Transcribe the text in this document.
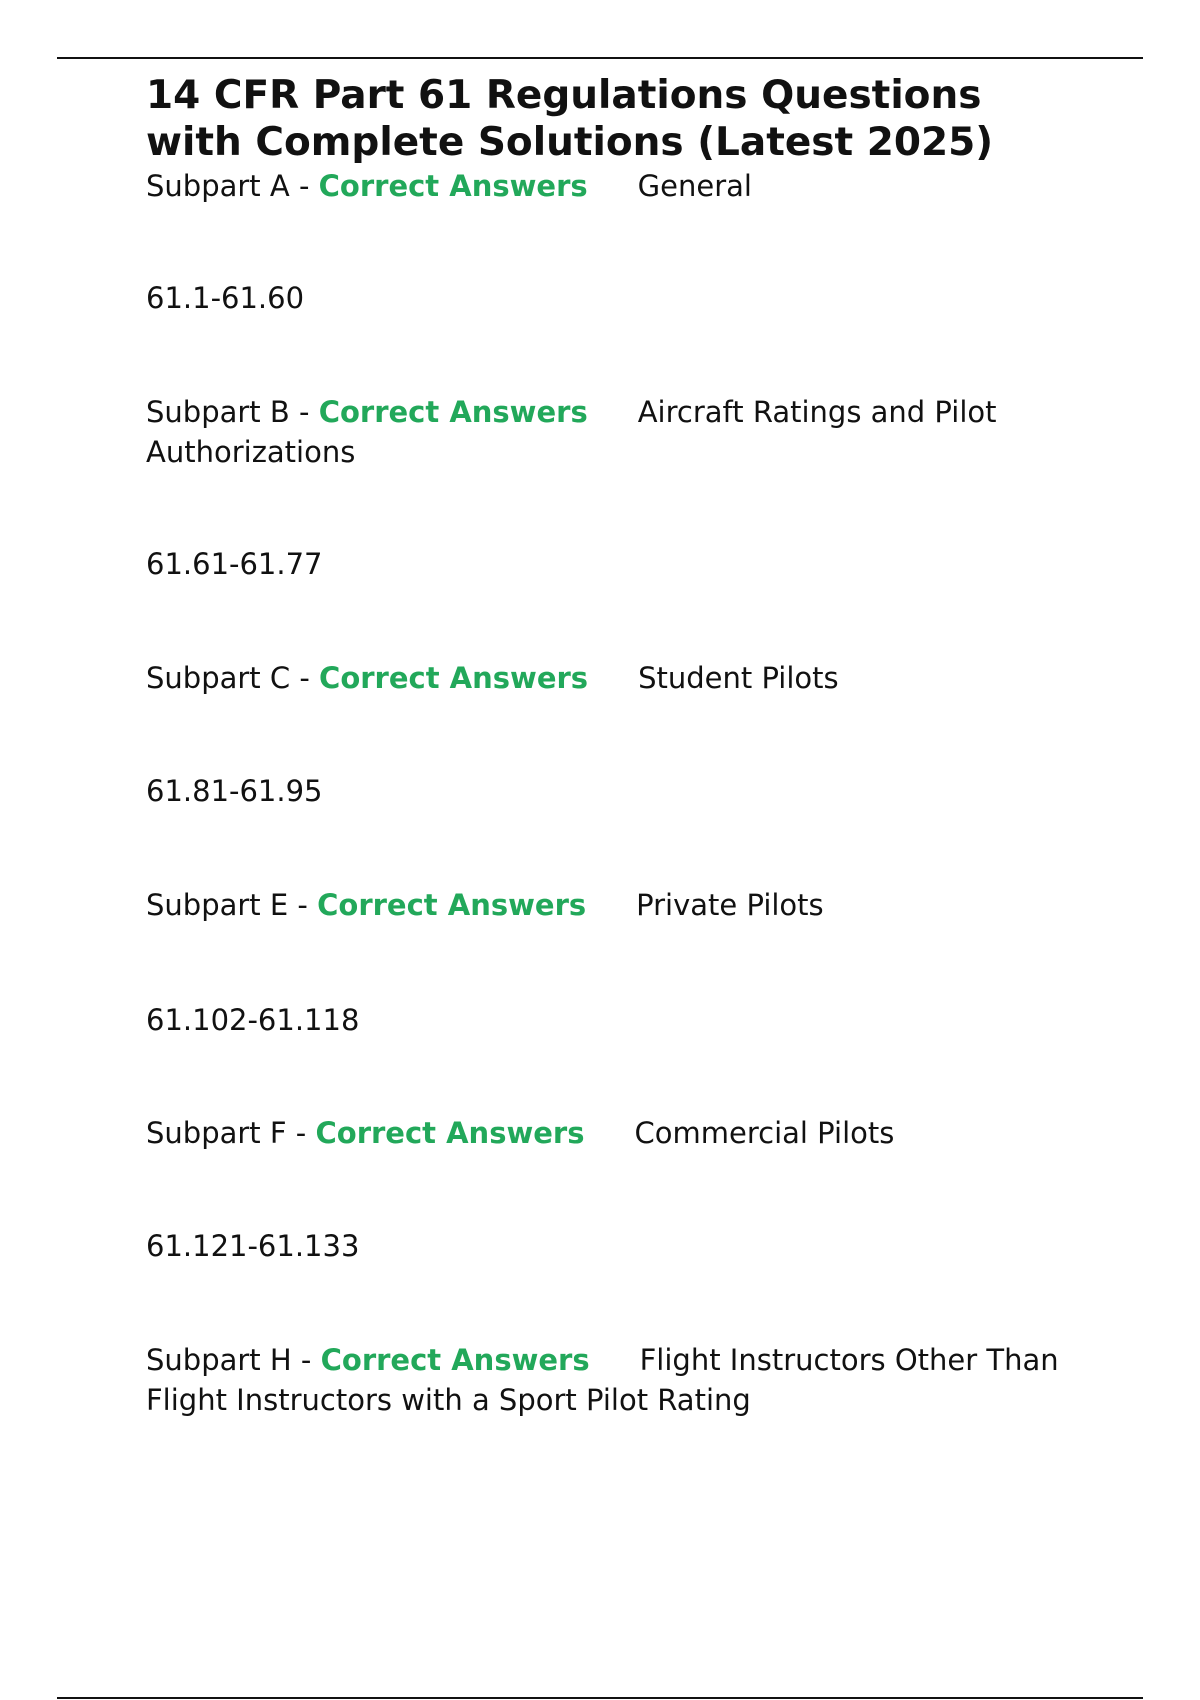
14 CFR Part 61 Regulations Questions with Complete Solutions (Latest 2025)

Subpart A - Correct Answers General

61.1-61.60

Subpart B - Correct Answers Aircraft Ratings and Pilot Authorizations

61.61-61.77

Subpart C - Correct Answers Student Pilots

61.81-61.95

Subpart E - Correct Answers Private Pilots

61.102-61.118

Subpart F - Correct Answers Commercial Pilots

61.121-61.133

Subpart H - Correct Answers Flight Instructors Other Than Flight Instructors with a Sport Pilot Rating
